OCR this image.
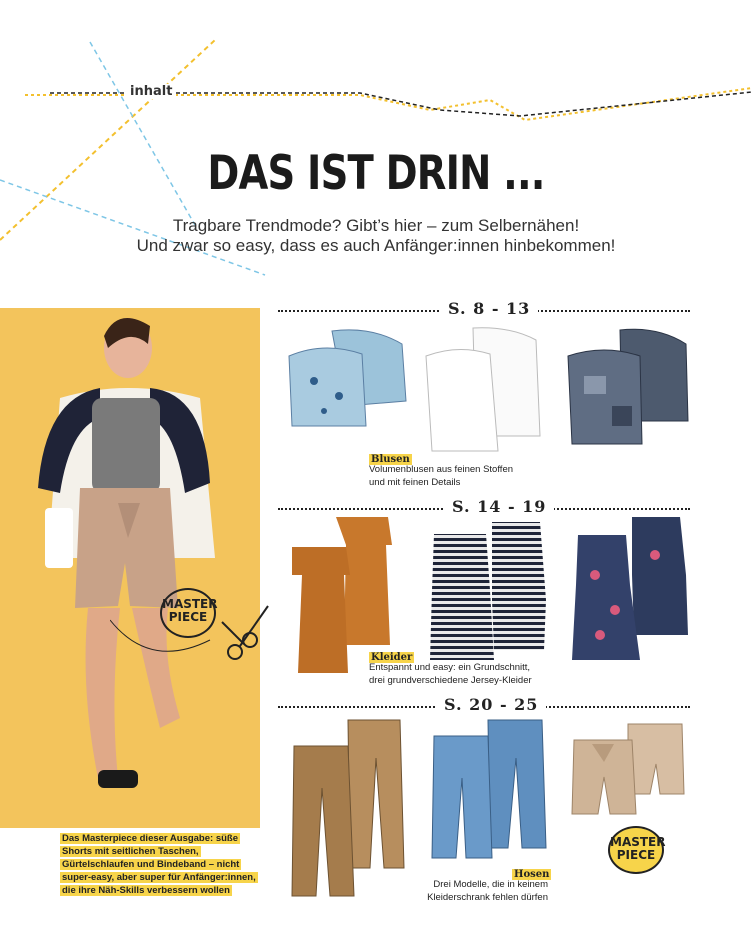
inhalt
DAS IST DRIN ...
Tragbare Trendmode? Gibt’s hier – zum Selbernähen!
Und zwar so easy, dass es auch Anfänger:innen hinbekommen!
MASTER
PIECE
Das Masterpiece dieser Ausgabe: süße Shorts mit seitlichen Taschen, Gürtelschlaufen und Bindeband – nicht super-easy, aber super für Anfänger:innen, die ihre Näh-Skills verbessern wollen
S. 8 - 13
Blusen
Volumenblusen aus feinen Stoffen
und mit feinen Details
S. 14 - 19
Kleider
Entspannt und easy: ein Grundschnitt,
drei grundverschiedene Jersey-Kleider
S. 20 - 25
MASTER
PIECE
Hosen
Drei Modelle, die in keinem
Kleiderschrank fehlen dürfen
